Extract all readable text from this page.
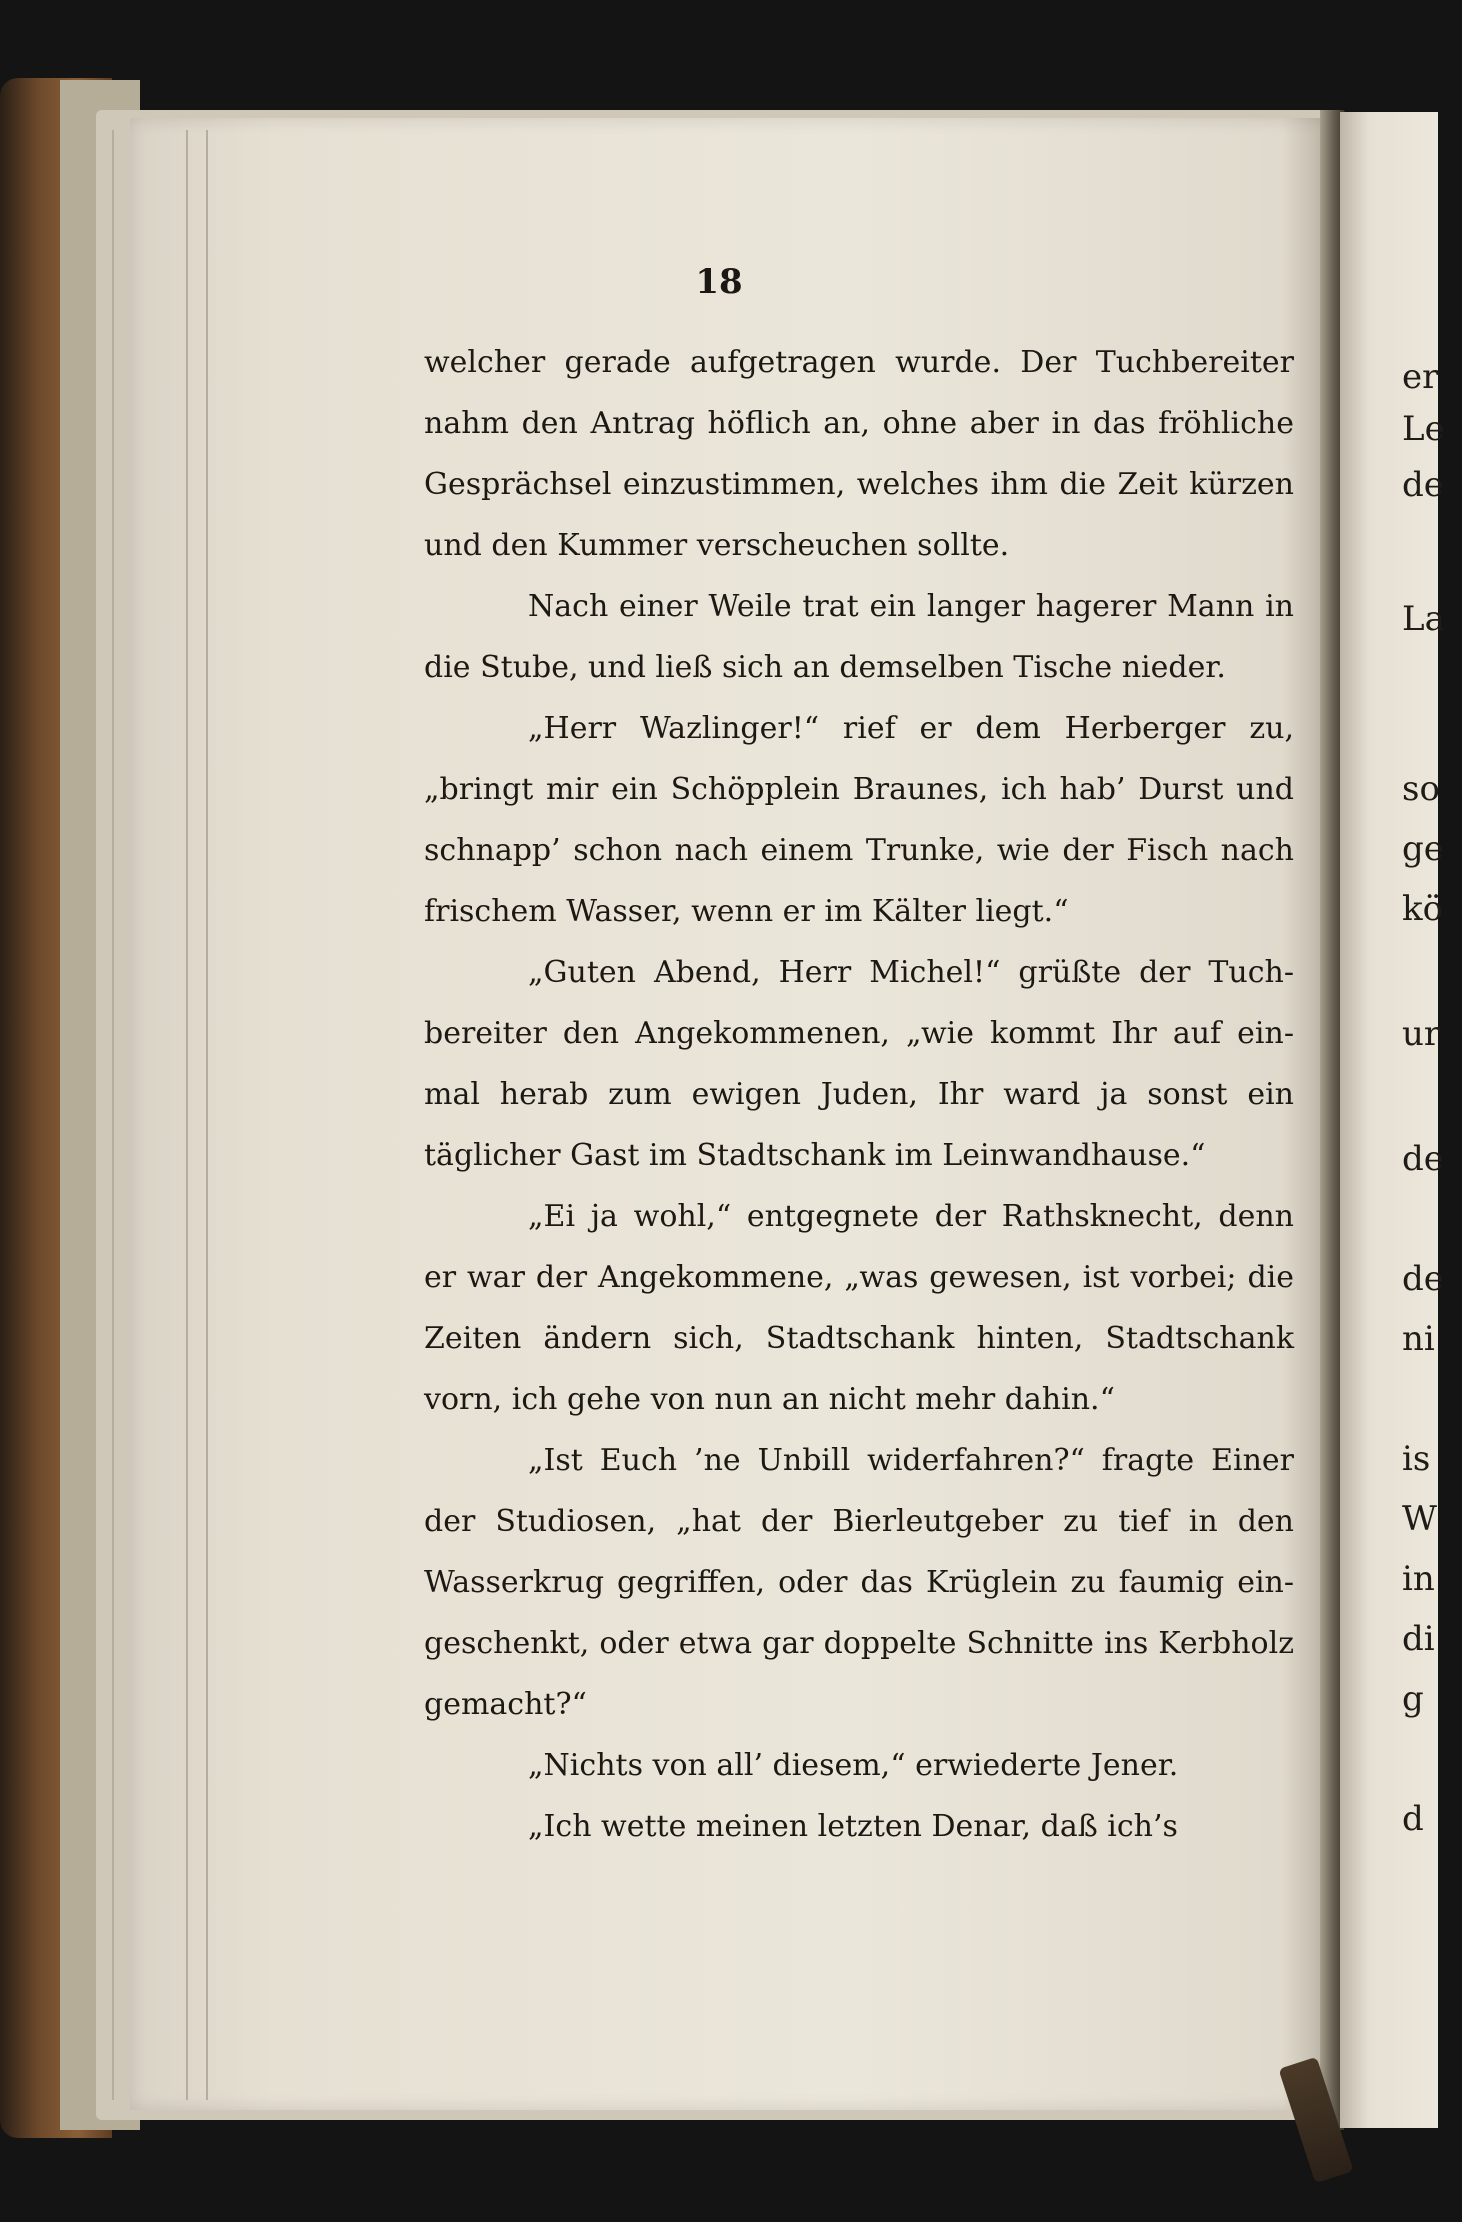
er
Le
de
La
so
ge
kö
ur
de
de
ni
is
W
in
di
g
d
18

welcher gerade aufgetragen wurde. Der Tuchbereiter nahm den Antrag höflich an, ohne aber in das fröhliche Gesprächsel einzustimmen, welches ihm die Zeit kürzen und den Kummer verscheuchen sollte.

Nach einer Weile trat ein langer hagerer Mann in die Stube, und ließ sich an demselben Tische nieder.

„Herr Wazlinger!“ rief er dem Herberger zu, „bringt mir ein Schöpplein Braunes, ich hab’ Durst und schnapp’ schon nach einem Trunke, wie der Fisch nach frischem Wasser, wenn er im Kälter liegt.“

„Guten Abend, Herr Michel!“ grüßte der Tuchbereiter den Angekommenen, „wie kommt Ihr auf einmal herab zum ewigen Juden, Ihr ward ja sonst ein täglicher Gast im Stadtschank im Leinwandhause.“

„Ei ja wohl,“ entgegnete der Rathsknecht, denn er war der Angekommene, „was gewesen, ist vorbei; die Zeiten ändern sich, Stadtschank hinten, Stadtschank vorn, ich gehe von nun an nicht mehr dahin.“

„Ist Euch ’ne Unbill widerfahren?“ fragte Einer der Studiosen, „hat der Bierleutgeber zu tief in den Wasserkrug gegriffen, oder das Krüglein zu faumig eingeschenkt, oder etwa gar doppelte Schnitte ins Kerbholz gemacht?“

„Nichts von all’ diesem,“ erwiederte Jener.

„Ich wette meinen letzten Denar, daß ich’s
